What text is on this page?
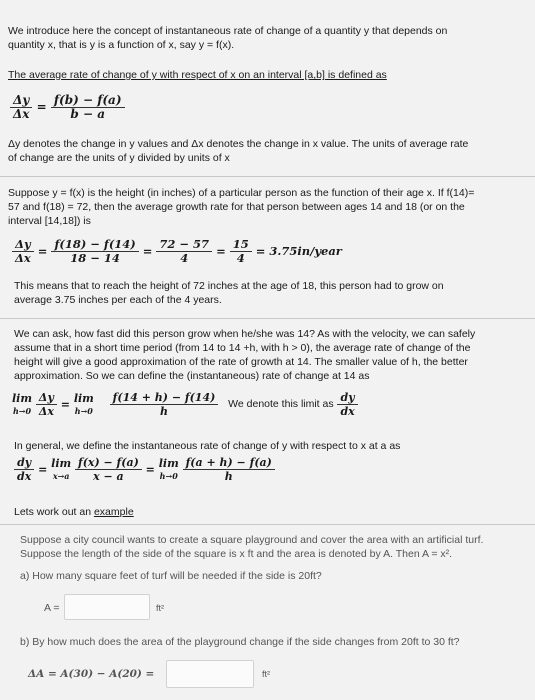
We introduce here the concept of instantaneous rate of change of a quantity y that depends on
quantity x, that is y is a function of x, say y = f(x).
The average rate of change of y with respect of x on an interval [a,b] is defined as
$\frac{\Delta y}{\Delta x} = \frac{f(b) - f(a)}{b - a}$
Δy denotes the change in y values and Δx denotes the change in x value. The units of average rate
of change are the units of y divided by units of x
Suppose y = f(x) is the height (in inches) of a particular person as the function of their age x. If f(14)=
57 and f(18) = 72, then the average growth rate for that person between ages 14 and 18 (or on the
interval [14,18]) is
$\frac{\Delta y}{\Delta x} = \frac{f(18) - f(14)}{18 - 14} = \frac{72 - 57}{4} = \frac{15}{4}$ = 3.75in/year
This means that to reach the height of 72 inches at the age of 18, this person had to grow on
average 3.75 inches per each of the 4 years.
We can ask, how fast did this person grow when he/she was 14? As with the velocity, we can safely
assume that in a short time period (from 14 to 14 +h, with h > 0), the average rate of change of the
height will give a good approximation of the rate of growth at 14. The smaller value of h, the better
approximation. So we can define the (instantaneous) rate of change at 14 as
lim
h→0
$\frac{\Delta y}{\Delta x} = \lim$
h→0
$\frac{f(14 + h) - f(14)}{h}$ We denote this limit as $\frac{dy}{dx}$
In general, we define the instantaneous rate of change of y with respect to x at a as
$\frac{dy}{dx} = \lim$
x→a
$\frac{f(x) - f(a)}{x - a} = \lim$
h→0
$\frac{f(a + h) - f(a)}{h}$
Lets work out an example
Suppose a city council wants to create a square playground and cover the area with an artificial turf.
Suppose the length of the side of the square is x ft and the area is denoted by A. Then A = x².
a) How many square feet of turf will be needed if the side is 20ft?
A =	ft²
b) By how much does the area of the playground change if the side changes from 20ft to 30 ft?
ΔA = A(30) − A(20) =	ft²
